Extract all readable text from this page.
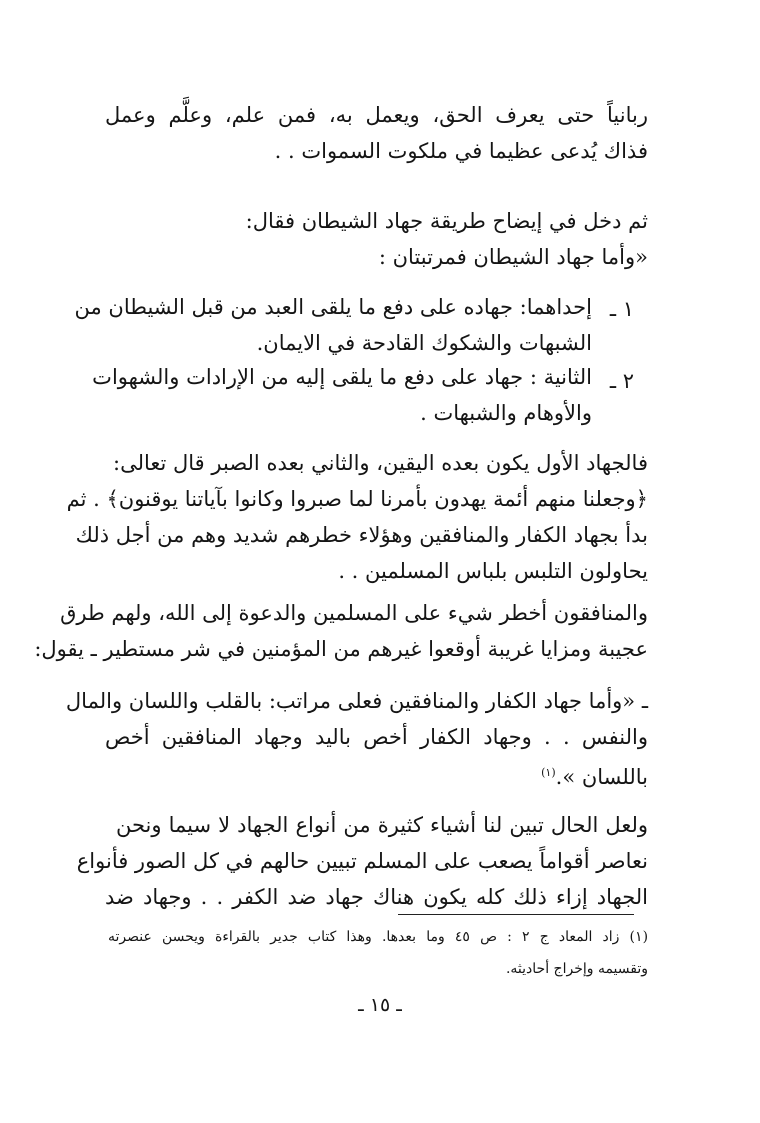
ربانياً حتى يعرف الحق، ويعمل به، فمن علم، وعلَّم وعمل
فذاك يُدعى عظيما في ملكوت السموات . .
ثم دخل في إيضاح طريقة جهاد الشيطان فقال:
«وأما جهاد الشيطان فمرتبتان :
١ ـ
إحداهما: جهاده على دفع ما يلقى العبد من قبل الشيطان من
الشبهات والشكوك القادحة في الايمان.
٢ ـ
الثانية : جهاد على دفع ما يلقى إليه من الإرادات والشهوات
والأوهام والشبهات .
فالجهاد الأول يكون بعده اليقين، والثاني بعده الصبر قال تعالى:
﴿وجعلنا منهم أئمة يهدون بأمرنا لما صبروا وكانوا بآياتنا يوقنون﴾ . ثم
بدأ بجهاد الكفار والمنافقين وهؤلاء خطرهم شديد وهم من أجل ذلك
يحاولون التلبس بلباس المسلمين . .
والمنافقون أخطر شيء على المسلمين والدعوة إلى الله، ولهم طرق
عجيبة ومزايا غريبة أوقعوا غيرهم من المؤمنين في شر مستطير ـ يقول:
ـ «وأما جهاد الكفار والمنافقين فعلى مراتب: بالقلب واللسان والمال
والنفس . . وجهاد الكفار أخص باليد وجهاد المنافقين أخص
باللسان ».$^{(١)}$
ولعل الحال تبين لنا أشياء كثيرة من أنواع الجهاد لا سيما ونحن
نعاصر أقواماً يصعب على المسلم تبيين حالهم في كل الصور فأنواع
الجهاد إزاء ذلك كله يكون هناك جهاد ضد الكفر . . وجهاد ضد
(١) زاد المعاد ج ٢ : ص ٤٥ وما بعدها. وهذا كتاب جدير بالقراءة ويحسن عنصرته
وتقسيمه وإخراج أحاديثه.
ـ ١٥ ـ
